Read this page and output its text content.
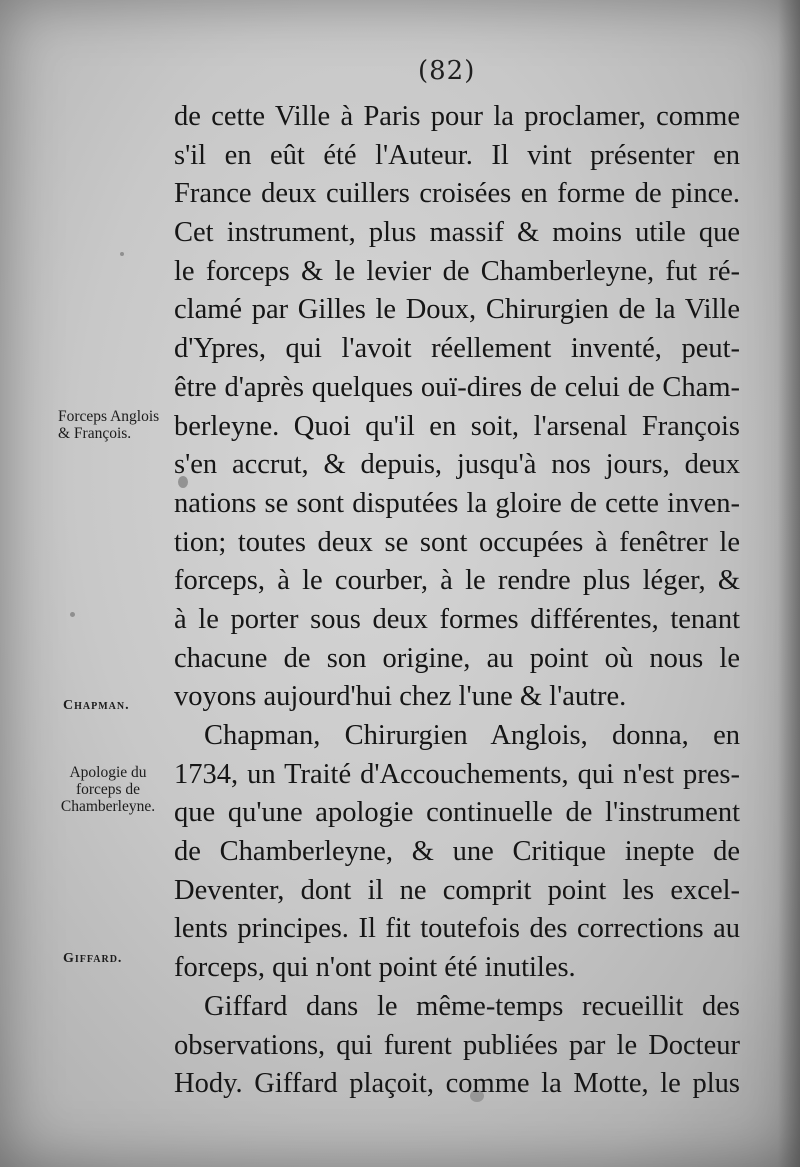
(82)
de cette Ville à Paris pour la proclamer, comme
s'il en eût été l'Auteur. Il vint présenter en
France deux cuillers croisées en forme de pince.
Cet instrument, plus massif & moins utile que
le forceps & le levier de Chamberleyne, fut ré-
clamé par Gilles le Doux, Chirurgien de la Ville
d'Ypres, qui l'avoit réellement inventé, peut-
être d'après quelques ouï-dires de celui de Cham-
berleyne. Quoi qu'il en soit, l'arsenal François
s'en accrut, & depuis, jusqu'à nos jours, deux
nations se sont disputées la gloire de cette inven-
tion; toutes deux se sont occupées à fenêtrer le
forceps, à le courber, à le rendre plus léger, &
à le porter sous deux formes différentes, tenant
chacune de son origine, au point où nous le
voyons aujourd'hui chez l'une & l'autre.
Chapman, Chirurgien Anglois, donna, en
1734, un Traité d'Accouchements, qui n'est pres-
que qu'une apologie continuelle de l'instrument
de Chamberleyne, & une Critique inepte de
Deventer, dont il ne comprit point les excel-
lents principes. Il fit toutefois des corrections au
forceps, qui n'ont point été inutiles.
Giffard dans le même-temps recueillit des
observations, qui furent publiées par le Docteur
Hody. Giffard plaçoit, comme la Motte, le plus
Forceps Anglois & François.
Chapman.
Apologie du forceps de Chamberleyne.
Giffard.
